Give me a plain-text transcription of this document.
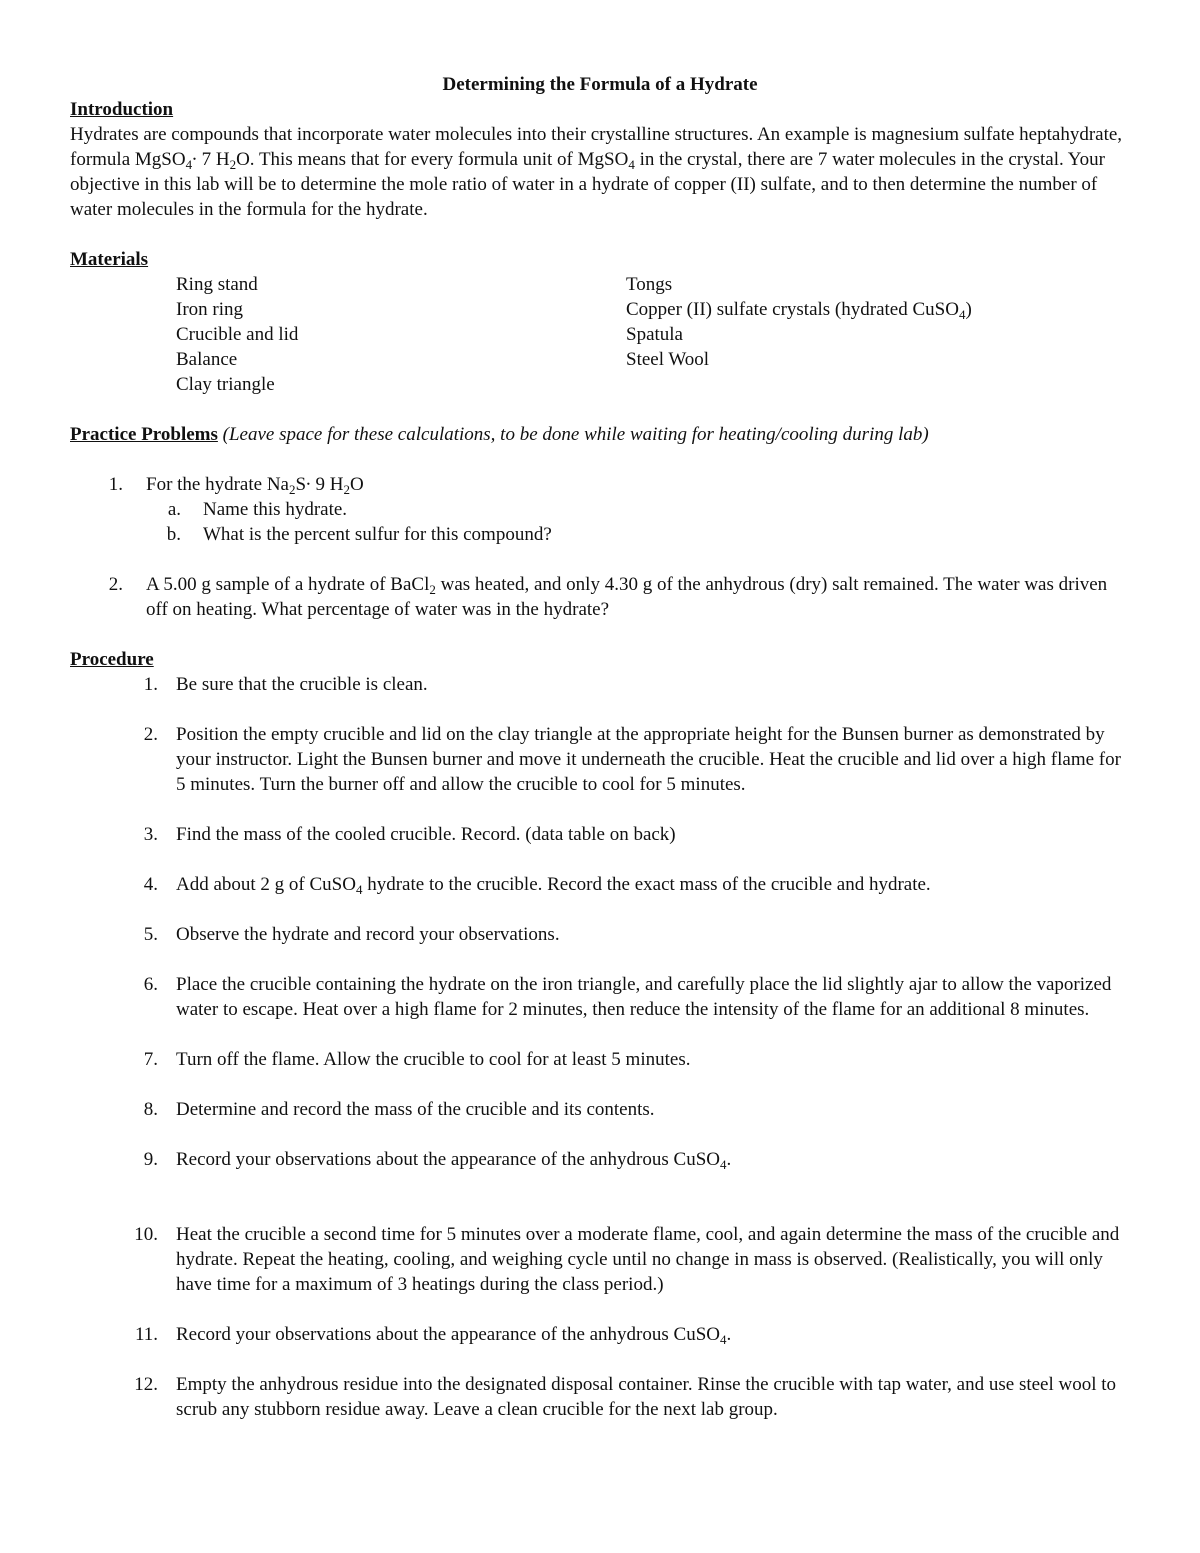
Determining the Formula of a Hydrate
Introduction

Hydrates are compounds that incorporate water molecules into their crystalline structures. An example is magnesium sulfate heptahydrate, formula MgSO$_4$∙ 7 $H_2O$. This means that for every formula unit of MgSO$_4$ in the crystal, there are 7 water molecules in the crystal. Your objective in this lab will be to determine the mole ratio of water in a hydrate of copper (II) sulfate, and to then determine the number of water molecules in the formula for the hydrate.

Materials
Ring stand
Iron ring
Crucible and lid
Balance
Clay triangle
Tongs
Copper (II) sulfate crystals (hydrated CuSO$_4$)
Spatula
Steel Wool
Practice Problems (Leave space for these calculations, to be done while waiting for heating/cooling during lab)
1. For the hydrate $Na_2S\cdot 9$ $H_2O$
a. Name this hydrate.
b. What is the percent sulfur for this compound?
2. A 5.00 g sample of a hydrate of BaCl$_2$ was heated, and only 4.30 g of the anhydrous (dry) salt remained. The water was driven off on heating. What percentage of water was in the hydrate?
Procedure
1. Be sure that the crucible is clean.
2. Position the empty crucible and lid on the clay triangle at the appropriate height for the Bunsen burner as demonstrated by your instructor. Light the Bunsen burner and move it underneath the crucible. Heat the crucible and lid over a high flame for 5 minutes. Turn the burner off and allow the crucible to cool for 5 minutes.
3. Find the mass of the cooled crucible. Record. (data table on back)
4. Add about 2 g of CuSO$_4$ hydrate to the crucible. Record the exact mass of the crucible and hydrate.
5. Observe the hydrate and record your observations.
6. Place the crucible containing the hydrate on the iron triangle, and carefully place the lid slightly ajar to allow the vaporized water to escape. Heat over a high flame for 2 minutes, then reduce the intensity of the flame for an additional 8 minutes.
7. Turn off the flame. Allow the crucible to cool for at least 5 minutes.
8. Determine and record the mass of the crucible and its contents.
9. Record your observations about the appearance of the anhydrous CuSO$_4$.
10. Heat the crucible a second time for 5 minutes over a moderate flame, cool, and again determine the mass of the crucible and hydrate. Repeat the heating, cooling, and weighing cycle until no change in mass is observed. (Realistically, you will only have time for a maximum of 3 heatings during the class period.)
11. Record your observations about the appearance of the anhydrous CuSO$_4$.
12. Empty the anhydrous residue into the designated disposal container. Rinse the crucible with tap water, and use steel wool to scrub any stubborn residue away. Leave a clean crucible for the next lab group.
